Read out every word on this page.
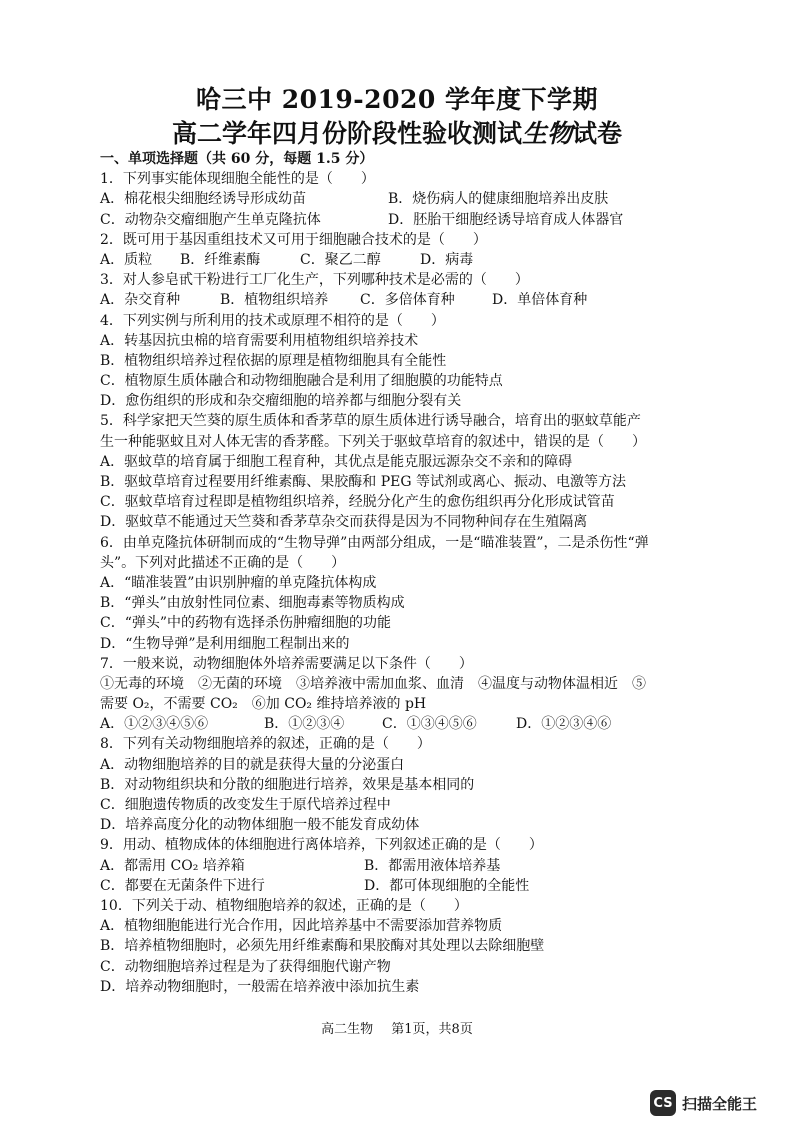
哈三中 2019-2020 学年度下学期
高二学年四月份阶段性验收测试生物试卷
一、单项选择题（共 60 分，每题 1.5 分）
1．下列事实能体现细胞全能性的是（　　）
A．棉花根尖细胞经诱导形成幼苗	B．烧伤病人的健康细胞培养出皮肤
C．动物杂交瘤细胞产生单克隆抗体	D．胚胎干细胞经诱导培育成人体器官
2．既可用于基因重组技术又可用于细胞融合技术的是（　　）
A．质粒	B．纤维素酶	C．聚乙二醇	D．病毒
3．对人参皂甙干粉进行工厂化生产，下列哪种技术是必需的（　　）
A．杂交育种	B．植物组织培养	C．多倍体育种	D．单倍体育种
4．下列实例与所利用的技术或原理不相符的是（　　）
A．转基因抗虫棉的培育需要利用植物组织培养技术
B．植物组织培养过程依据的原理是植物细胞具有全能性
C．植物原生质体融合和动物细胞融合是利用了细胞膜的功能特点
D．愈伤组织的形成和杂交瘤细胞的培养都与细胞分裂有关
5．科学家把天竺葵的原生质体和香茅草的原生质体进行诱导融合，培育出的驱蚊草能产
生一种能驱蚊且对人体无害的香茅醛。下列关于驱蚊草培育的叙述中，错误的是（　　）
A．驱蚊草的培育属于细胞工程育种，其优点是能克服远源杂交不亲和的障碍
B．驱蚊草培育过程要用纤维素酶、果胶酶和 PEG 等试剂或离心、振动、电激等方法
C．驱蚊草培育过程即是植物组织培养，经脱分化产生的愈伤组织再分化形成试管苗
D．驱蚊草不能通过天竺葵和香茅草杂交而获得是因为不同物种间存在生殖隔离
6．由单克隆抗体研制而成的“生物导弹”由两部分组成，一是“瞄准装置”，二是杀伤性“弹
头”。下列对此描述不正确的是（　　）
A．“瞄准装置”由识别肿瘤的单克隆抗体构成
B．“弹头”由放射性同位素、细胞毒素等物质构成
C．“弹头”中的药物有选择杀伤肿瘤细胞的功能
D．“生物导弹”是利用细胞工程制出来的
7．一般来说，动物细胞体外培养需要满足以下条件（　　）
①无毒的环境　②无菌的环境　③培养液中需加血浆、血清　④温度与动物体温相近　⑤
需要 O₂，不需要 CO₂　⑥加 CO₂ 维持培养液的 pH
A．①②③④⑤⑥	B．①②③④	C．①③④⑤⑥	D．①②③④⑥
8．下列有关动物细胞培养的叙述，正确的是（　　）
A．动物细胞培养的目的就是获得大量的分泌蛋白
B．对动物组织块和分散的细胞进行培养，效果是基本相同的
C．细胞遗传物质的改变发生于原代培养过程中
D．培养高度分化的动物体细胞一般不能发育成幼体
9．用动、植物成体的体细胞进行离体培养，下列叙述正确的是（　　）
A．都需用 CO₂ 培养箱	B．都需用液体培养基
C．都要在无菌条件下进行	D．都可体现细胞的全能性
10．下列关于动、植物细胞培养的叙述，正确的是（　　）
A．植物细胞能进行光合作用，因此培养基中不需要添加营养物质
B．培养植物细胞时，必须先用纤维素酶和果胶酶对其处理以去除细胞壁
C．动物细胞培养过程是为了获得细胞代谢产物
D．培养动物细胞时，一般需在培养液中添加抗生素
高二生物 第1页，共8页
CS 扫描全能王
